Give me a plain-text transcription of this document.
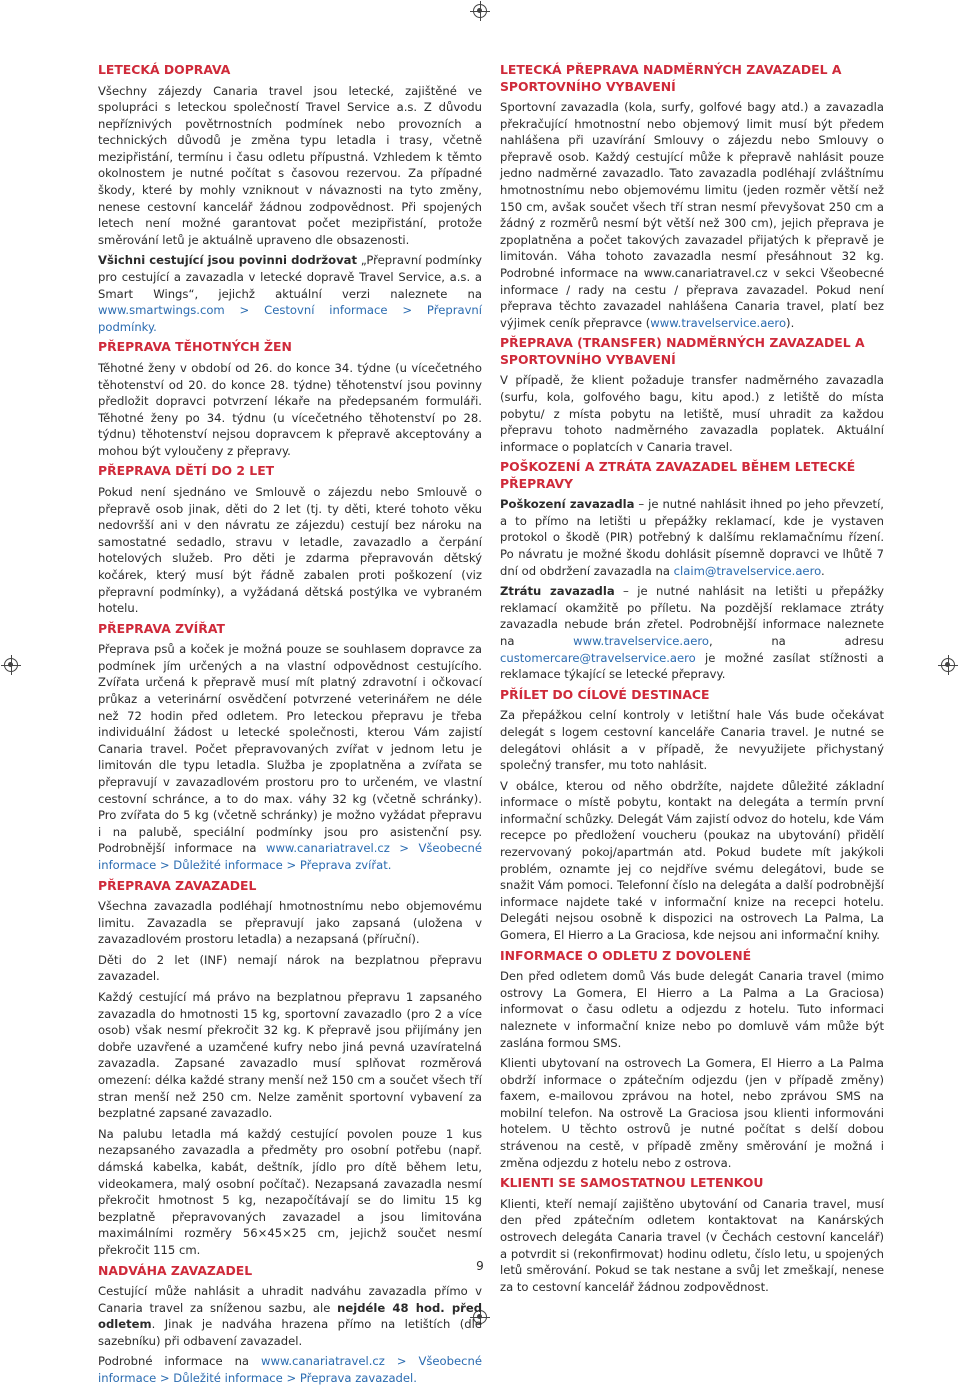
LETECKÁ DOPRAVA

Všechny zájezdy Canaria travel jsou letecké, zajištěné ve spolupráci s leteckou společností Travel Service a.s. Z důvodu nepříznivých povětrnostních podmínek nebo provozních a technických důvodů je změna typu letadla i trasy, včetně mezipřistání, termínu i času odletu přípustná. Vzhledem k těmto okolnostem je nutné počítat s časovou rezervou. Za případné škody, které by mohly vzniknout v návaznosti na tyto změny, nenese cestovní kancelář žádnou zodpovědnost. Při spojených letech není možné garantovat počet mezipřistání, protože směrování letů je aktuálně upraveno dle obsazenosti.

Všichni cestující jsou povinni dodržovat „Přepravní podmínky pro cestující a zavazadla v letecké dopravě Travel Service, a.s. a Smart Wings“, jejichž aktuální verzi naleznete na www.smartwings.com > Cestovní informace > Přepravní podmínky.

PŘEPRAVA TĚHOTNÝCH ŽEN

Těhotné ženy v období od 26. do konce 34. týdne (u vícečetného těhotenství od 20. do konce 28. týdne) těhotenství jsou povinny předložit dopravci potvrzení lékaře na předepsaném formuláři. Těhotné ženy po 34. týdnu (u vícečetného těhotenství po 28. týdnu) těhotenství nejsou dopravcem k přepravě akceptovány a mohou být vyloučeny z přepravy.

PŘEPRAVA DĚTÍ DO 2 LET

Pokud není sjednáno ve Smlouvě o zájezdu nebo Smlouvě o přepravě osob jinak, děti do 2 let (tj. ty děti, které tohoto věku nedovršší ani v den návratu ze zájezdu) cestují bez nároku na samostatné sedadlo, stravu v letadle, zavazadlo a čerpání hotelových služeb. Pro děti je zdarma přepravován dětský kočárek, který musí být řádně zabalen proti poškození (viz přepravní podmínky), a vyžádaná dětská postýlka ve vybraném hotelu.

PŘEPRAVA ZVÍŘAT

Přeprava psů a koček je možná pouze se souhlasem dopravce za podmínek jím určených a na vlastní odpovědnost cestujícího. Zvířata určená k přepravě musí mít platný zdravotní i očkovací průkaz a veterinární osvědčení potvrzené veterinářem ne déle než 72 hodin před odletem. Pro leteckou přepravu je třeba individuální žádost u letecké společnosti, kterou Vám zajistí Canaria travel. Počet přepravovaných zvířat v jednom letu je limitován dle typu letadla. Služba je zpoplatněna a zvířata se přepravují v zavazadlovém prostoru pro to určeném, ve vlastní cestovní schránce, a to do max. váhy 32 kg (včetně schránky). Pro zvířata do 5 kg (včetně schránky) je možno vyžádat přepravu i na palubě, speciální podmínky jsou pro asistenční psy. Podrobnější informace na www.canariatravel.cz > Všeobecné informace > Důležité informace > Přeprava zvířat.

PŘEPRAVA ZAVAZADEL

Všechna zavazadla podléhají hmotnostnímu nebo objemovému limitu. Zavazadla se přepravují jako zapsaná (uložena v zavazadlovém prostoru letadla) a nezapsaná (příruční).

Děti do 2 let (INF) nemají nárok na bezplatnou přepravu zavazadel.

Každý cestující má právo na bezplatnou přepravu 1 zapsaného zavazadla do hmotnosti 15 kg, sportovní zavazadlo (pro 2 a více osob) však nesmí překročit 32 kg. K přepravě jsou přijímány jen dobře uzavřené a uzamčené kufry nebo jiná pevná uzavíratelná zavazadla. Zapsané zavazadlo musí splňovat rozměrová omezení: délka každé strany menší než 150 cm a součet všech tří stran menší než 250 cm. Nelze zaměnit sportovní vybavení za bezplatné zapsané zavazadlo.

Na palubu letadla má každý cestující povolen pouze 1 kus nezapsaného zavazadla a předměty pro osobní potřebu (např. dámská kabelka, kabát, deštník, jídlo pro dítě během letu, videokamera, malý osobní počítač). Nezapsaná zavazadla nesmí překročit hmotnost 5 kg, nezapočítávají se do limitu 15 kg bezplatně přepravovaných zavazadel a jsou limitována maximálními rozměry 56×45×25 cm, jejichž součet nesmí překročit 115 cm.

NADVÁHA ZAVAZADEL

Cestující může nahlásit a uhradit nadváhu zavazadla přímo v Canaria travel za sníženou sazbu, ale nejdéle 48 hod. před odletem. Jinak je nadváha hrazena přímo na letištích (dle sazebníku) při odbavení zavazadel.

Podrobné informace na www.canariatravel.cz > Všeobecné informace > Důležité informace > Přeprava zavazadel.

LETECKÁ PŘEPRAVA NADMĚRNÝCH ZAVAZADEL A SPORTOVNÍHO VYBAVENÍ

Sportovní zavazadla (kola, surfy, golfové bagy atd.) a zavazadla překračující hmotnostní nebo objemový limit musí být předem nahlášena při uzavírání Smlouvy o zájezdu nebo Smlouvy o přepravě osob. Každý cestující může k přepravě nahlásit pouze jedno nadměrné zavazadlo. Tato zavazadla podléhají zvláštnímu hmotnostnímu nebo objemovému limitu (jeden rozměr větší než 150 cm, avšak součet všech tří stran nesmí převyšovat 250 cm a žádný z rozměrů nesmí být větší než 300 cm), jejich přeprava je zpoplatněna a počet takových zavazadel přijatých k přepravě je limitován. Váha tohoto zavazadla nesmí přesáhnout 32 kg. Podrobné informace na www.canariatravel.cz v sekci Všeobecné informace / rady na cestu / přeprava zavazadel. Pokud není přeprava těchto zavazadel nahlášena Canaria travel, platí bez výjimek ceník přepravce (www.travelservice.aero).

PŘEPRAVA (TRANSFER) NADMĚRNÝCH ZAVAZADEL A SPORTOVNÍHO VYBAVENÍ

V případě, že klient požaduje transfer nadměrného zavazadla (surfu, kola, golfového bagu, kitu apod.) z letiště do místa pobytu/ z místa pobytu na letiště, musí uhradit za každou přepravu tohoto nadměrného zavazadla poplatek. Aktuální informace o poplatcích v Canaria travel.

POŠKOZENÍ A ZTRÁTA ZAVAZADEL BĚHEM LETECKÉ PŘEPRAVY

Poškození zavazadla – je nutné nahlásit ihned po jeho převzetí, a to přímo na letišti u přepážky reklamací, kde je vystaven protokol o škodě (PIR) potřebný k dalšímu reklamačnímu řízení. Po návratu je možné škodu dohlásit písemně dopravci ve lhůtě 7 dní od obdržení zavazadla na claim@travelservice.aero.

Ztrátu zavazadla – je nutné nahlásit na letišti u přepážky reklamací okamžitě po příletu. Na pozdější reklamace ztráty zavazadla nebude brán zřetel. Podrobnější informace naleznete na www.travelservice.aero, na adresu customercare@travelservice.aero je možné zasílat stížnosti a reklamace týkající se letecké přepravy.

PŘÍLET DO CÍLOVÉ DESTINACE

Za přepážkou celní kontroly v letištní hale Vás bude očekávat delegát s logem cestovní kanceláře Canaria travel. Je nutné se delegátovi ohlásit a v případě, že nevyužijete přichystaný společný transfer, mu toto nahlásit.

V obálce, kterou od něho obdržíte, najdete důležité základní informace o místě pobytu, kontakt na delegáta a termín první informační schůzky. Delegát Vám zajistí odvoz do hotelu, kde Vám recepce po předložení voucheru (poukaz na ubytování) přidělí rezervovaný pokoj/apartmán atd. Pokud budete mít jakýkoli problém, oznamte jej co nejdříve svému delegátovi, bude se snažit Vám pomoci. Telefonní číslo na delegáta a další podrobnější informace najdete také v informační knize na recepci hotelu. Delegáti nejsou osobně k dispozici na ostrovech La Palma, La Gomera, El Hierro a La Graciosa, kde nejsou ani informační knihy.

INFORMACE O ODLETU Z DOVOLENÉ

Den před odletem domů Vás bude delegát Canaria travel (mimo ostrovy La Gomera, El Hierro a La Palma a La Graciosa) informovat o času odletu a odjezdu z hotelu. Tuto informaci naleznete v informační knize nebo po domluvě vám může být zaslána formou SMS.

Klienti ubytovaní na ostrovech La Gomera, El Hierro a La Palma obdrží informace o zpátečním odjezdu (jen v případě změny) faxem, e-mailovou zprávou na hotel, nebo zprávou SMS na mobilní telefon. Na ostrově La Graciosa jsou klienti informováni hotelem. U těchto ostrovů je nutné počítat s delší dobou strávenou na cestě, v případě změny směrování je možná i změna odjezdu z hotelu nebo z ostrova.

KLIENTI SE SAMOSTATNOU LETENKOU

Klienti, kteří nemají zajištěno ubytování od Canaria travel, musí den před zpátečním odletem kontaktovat na Kanárských ostrovech delegáta Canaria travel (v Čechách cestovní kancelář) a potvrdit si (rekonfirmovat) hodinu odletu, číslo letu, u spojených letů směrování. Pokud se tak nestane a svůj let zmeškají, nenese za to cestovní kancelář žádnou zodpovědnost.

9
